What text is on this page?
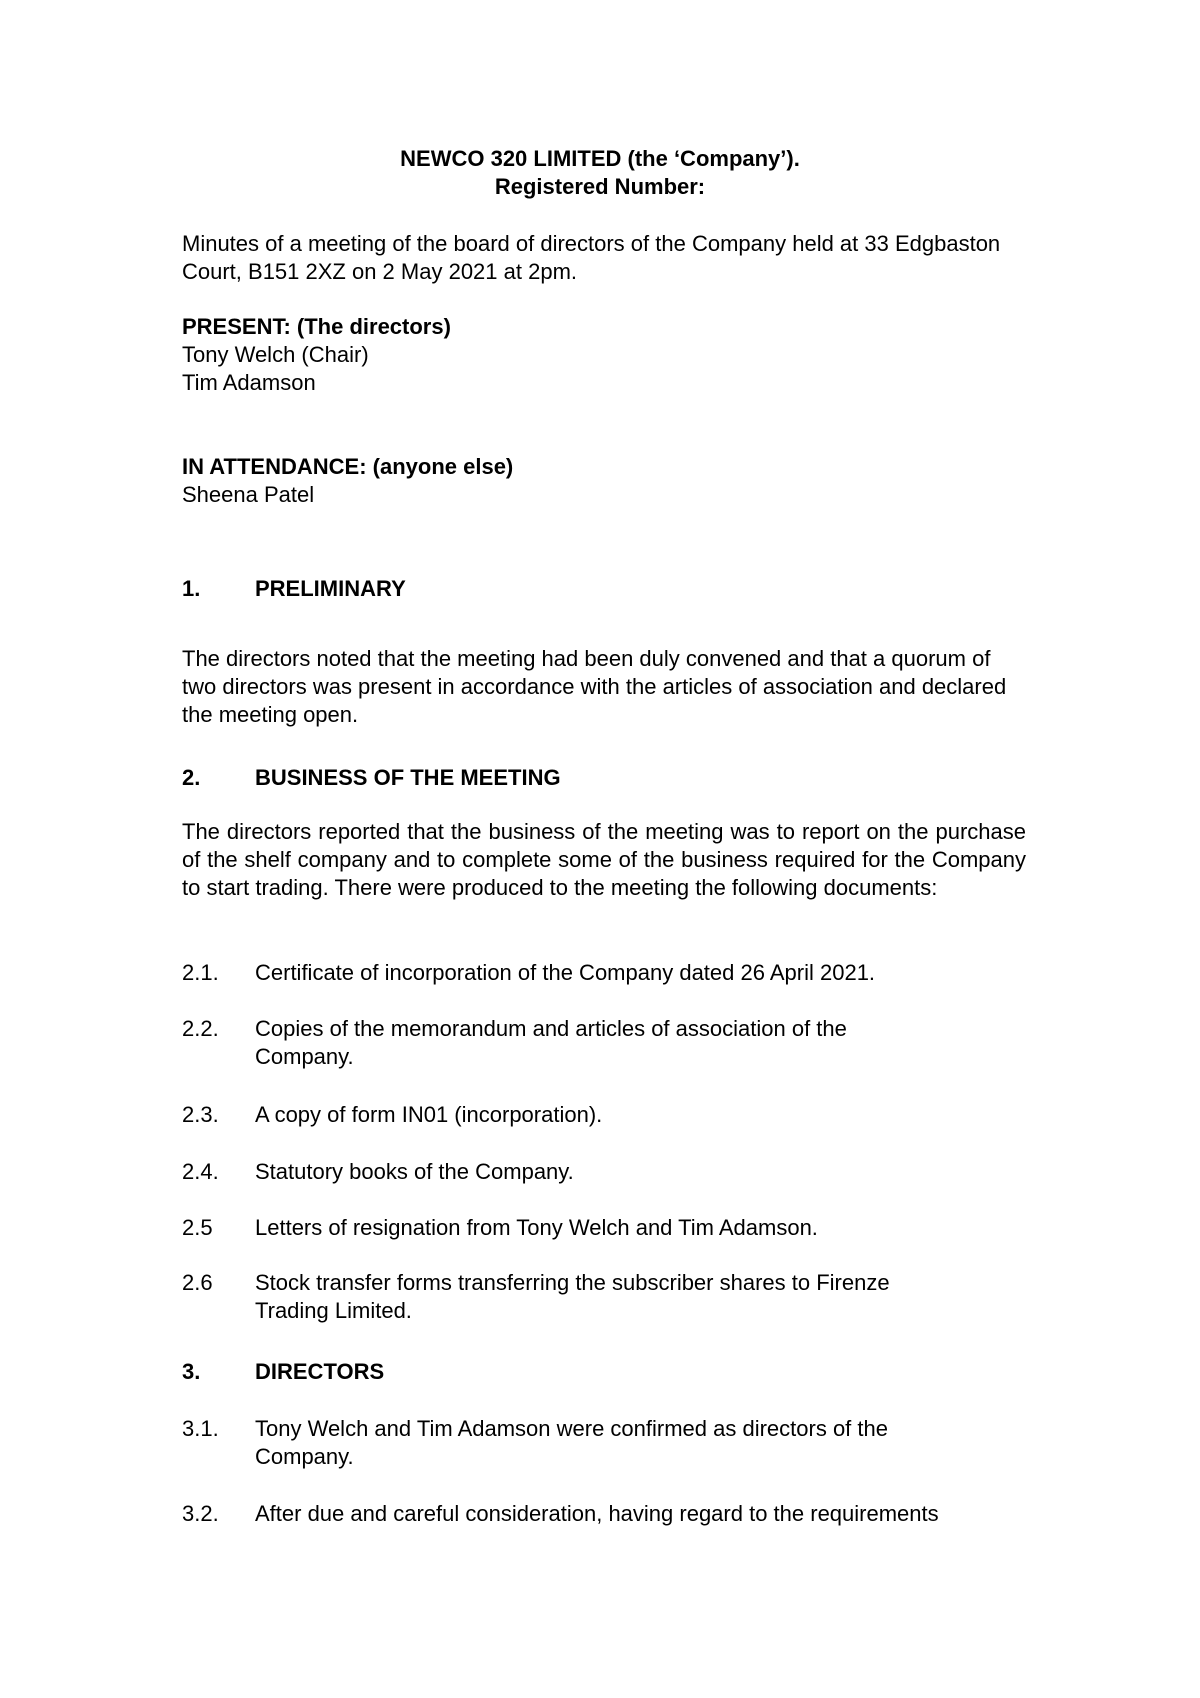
NEWCO 320 LIMITED (the ‘Company’).
Registered Number:

Minutes of a meeting of the board of directors of the Company held at 33 Edgbaston Court, B151 2XZ on 2 May 2021 at 2pm.

PRESENT: (The directors)
Tony Welch (Chair)
Tim Adamson
IN ATTENDANCE: (anyone else)
Sheena Patel
1. PRELIMINARY

The directors noted that the meeting had been duly convened and that a quorum of two directors was present in accordance with the articles of association and declared the meeting open.

2. BUSINESS OF THE MEETING

The directors reported that the business of the meeting was to report on the purchase of the shelf company and to complete some of the business required for the Company to start trading. There were produced to the meeting the following documents:

2.1. Certificate of incorporation of the Company dated 26 April 2021.
2.2. Copies of the memorandum and articles of association of the Company.
2.3. A copy of form IN01 (incorporation).
2.4. Statutory books of the Company.
2.5 Letters of resignation from Tony Welch and Tim Adamson.
2.6 Stock transfer forms transferring the subscriber shares to Firenze Trading Limited.
3. DIRECTORS
3.1. Tony Welch and Tim Adamson were confirmed as directors of the Company.
3.2. After due and careful consideration, having regard to the requirements
